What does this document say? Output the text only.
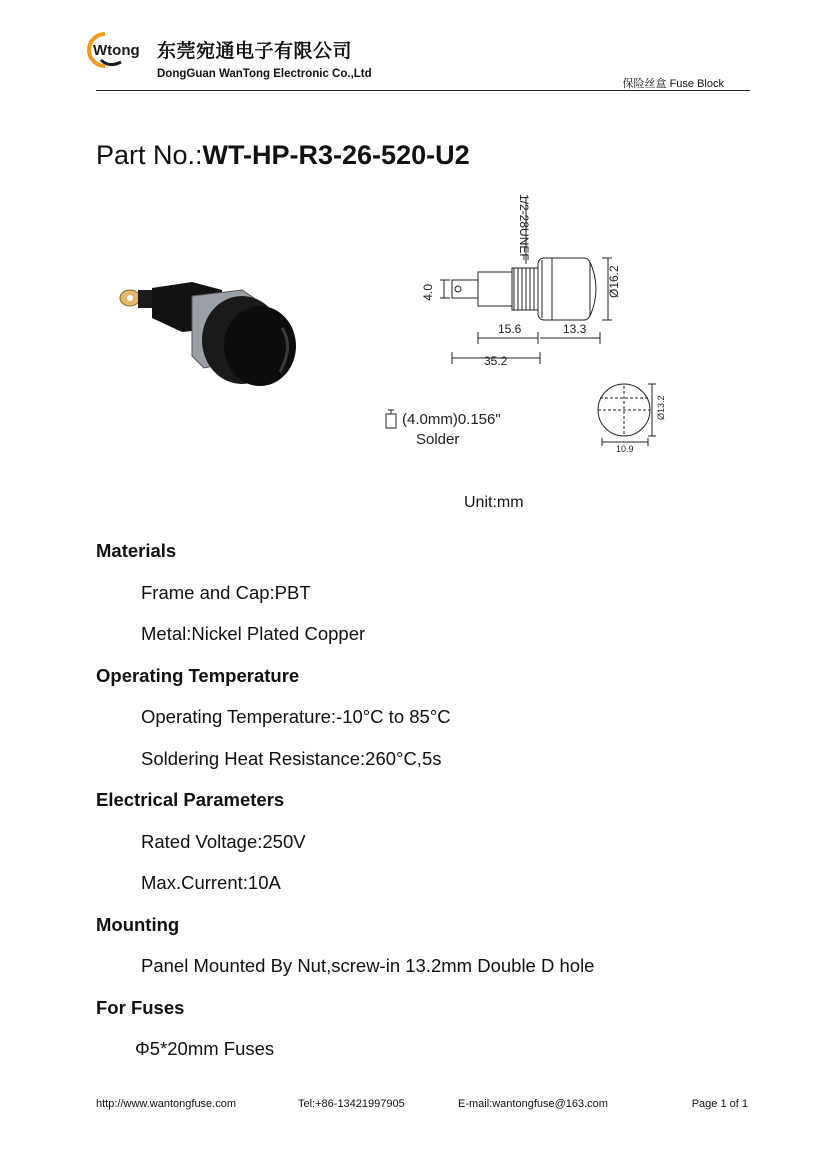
Wtong 东莞宛通电子有限公司
DongGuan WanTong Electronic Co.,Ltd
保险丝盒 Fuse Block
Part No.:WT-HP-R3-26-520-U2
1/2-28UNEF
4.0	Ø16.2
15.6	13.3
35.2
(4.0mm)0.156"
Solder
Ø13.2
10.9
Unit:mm
Materials
Frame and Cap:PBT
Metal:Nickel Plated Copper
Operating Temperature
Operating Temperature:-10°C to 85°C
Soldering Heat Resistance:260°C,5s
Electrical Parameters
Rated Voltage:250V
Max.Current:10A
Mounting
Panel Mounted By Nut,screw-in 13.2mm Double D hole
For Fuses
Φ5*20mm Fuses
http://www.wantongfuse.com	Tel:+86-13421997905	E-mail:wantongfuse@163.com	Page 1 of 1
